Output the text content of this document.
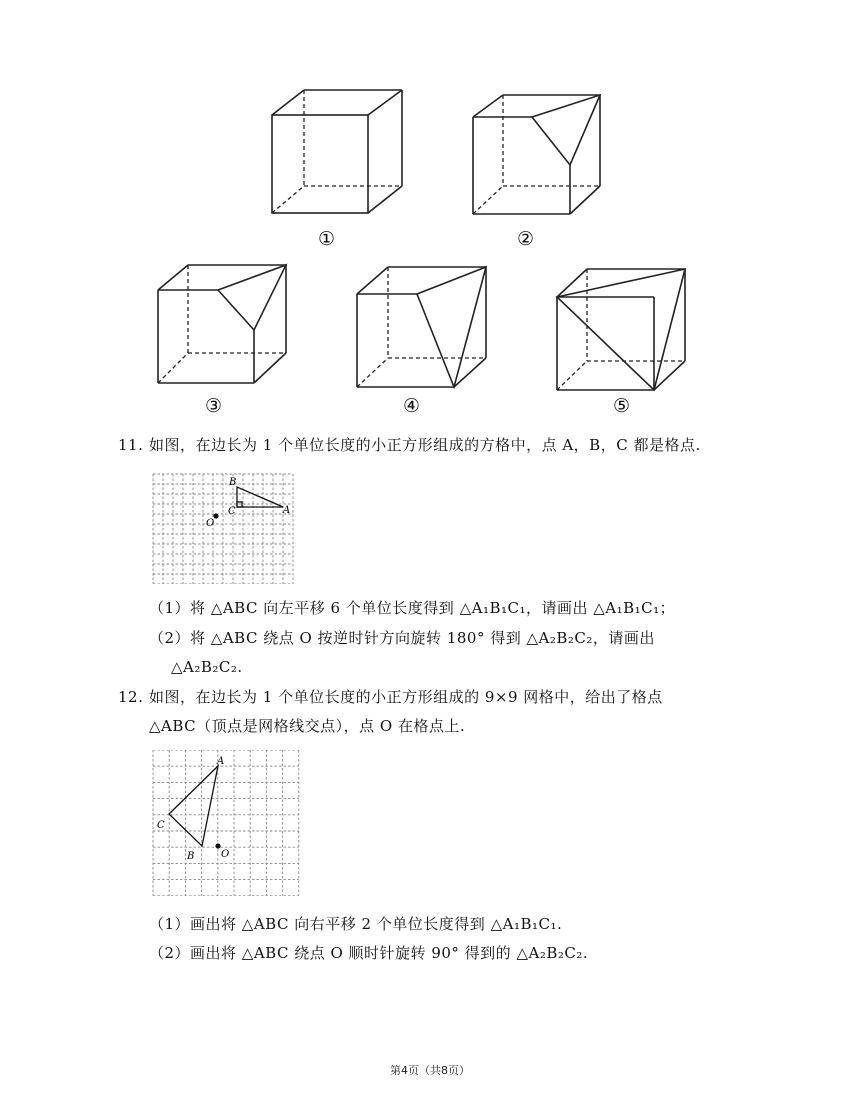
①	②
③	④	⑤
11. 如图，在边长为 1 个单位长度的小正方形组成的方格中，点 A，B，C 都是格点.
B
C	A
O
（1）将 △ABC 向左平移 6 个单位长度得到 △A₁B₁C₁，请画出 △A₁B₁C₁；
（2）将 △ABC 绕点 O 按逆时针方向旋转 180° 得到 △A₂B₂C₂，请画出
△A₂B₂C₂.
12. 如图，在边长为 1 个单位长度的小正方形组成的 9×9 网格中，给出了格点
△ABC（顶点是网格线交点），点 O 在格点上.
A
C
B	O
（1）画出将 △ABC 向右平移 2 个单位长度得到 △A₁B₁C₁.
（2）画出将 △ABC 绕点 O 顺时针旋转 90° 得到的 △A₂B₂C₂.
第4页（共8页）
